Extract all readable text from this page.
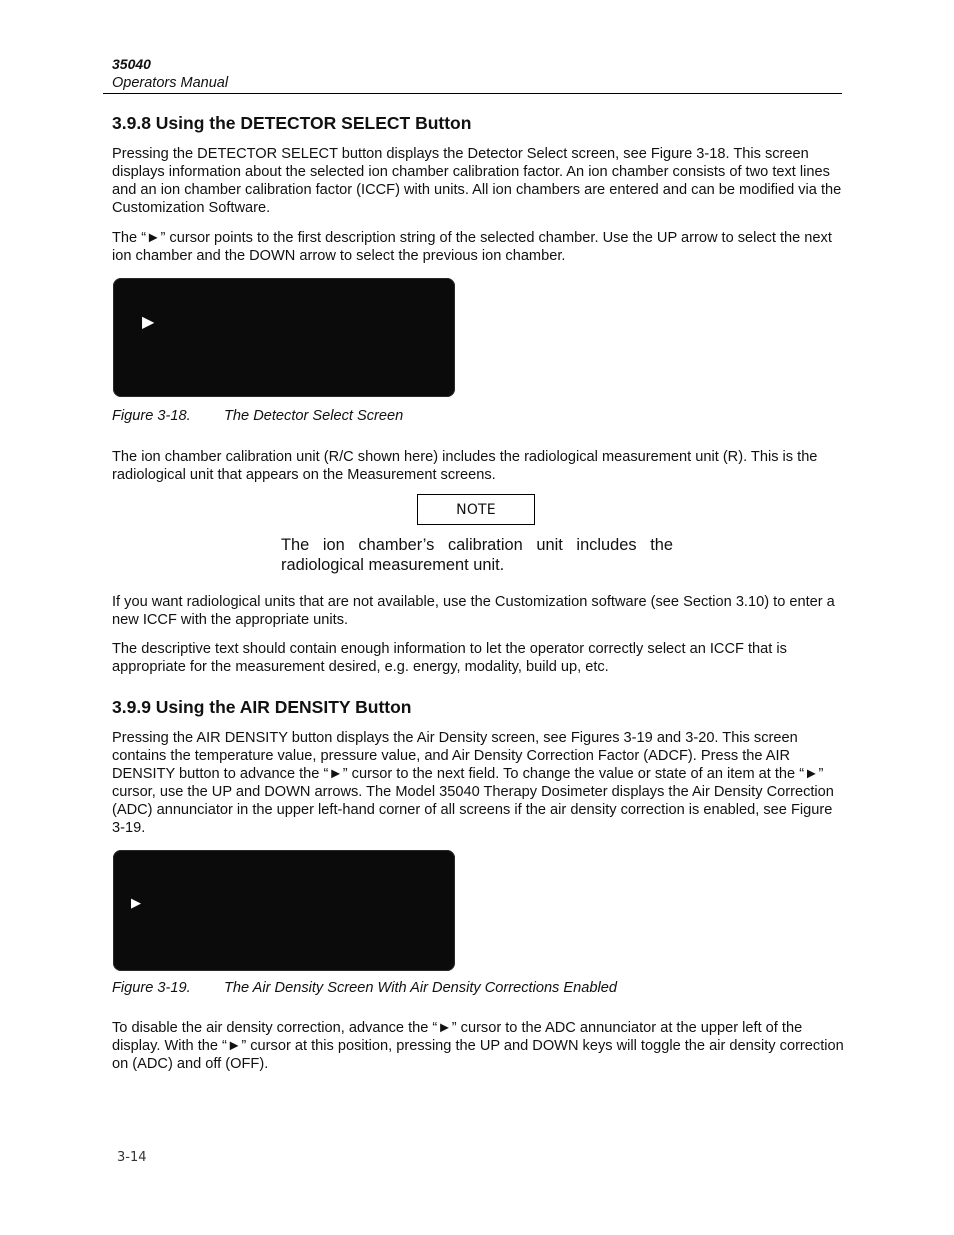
35040
Operators Manual
3.9.8 Using the DETECTOR SELECT Button

Pressing the DETECTOR SELECT button displays the Detector Select screen, see Figure 3-18. This screen displays information about the selected ion chamber calibration factor. An ion chamber consists of two text lines and an ion chamber calibration factor (ICCF) with units. All ion chambers are entered and can be modified via the Customization Software.

The “►” cursor points to the first description string of the selected chamber. Use the UP arrow to select the next ion chamber and the DOWN arrow to select the previous ion chamber.

▶
Figure 3-18. The Detector Select Screen

The ion chamber calibration unit (R/C shown here) includes the radiological measurement unit (R). This is the radiological unit that appears on the Measurement screens.

NOTE

The ion chamber’s calibration unit includes the radiological measurement unit.

If you want radiological units that are not available, use the Customization software (see Section 3.10) to enter a new ICCF with the appropriate units.

The descriptive text should contain enough information to let the operator correctly select an ICCF that is appropriate for the measurement desired, e.g. energy, modality, build up, etc.

3.9.9 Using the AIR DENSITY Button

Pressing the AIR DENSITY button displays the Air Density screen, see Figures 3-19 and 3-20. This screen contains the temperature value, pressure value, and Air Density Correction Factor (ADCF). Press the AIR DENSITY button to advance the “►” cursor to the next field. To change the value or state of an item at the “►” cursor, use the UP and DOWN arrows. The Model 35040 Therapy Dosimeter displays the Air Density Correction (ADC) annunciator in the upper left-hand corner of all screens if the air density correction is enabled, see Figure 3-19.

▶
Figure 3-19. The Air Density Screen With Air Density Corrections Enabled

To disable the air density correction, advance the “►” cursor to the ADC annunciator at the upper left of the display. With the “►” cursor at this position, pressing the UP and DOWN keys will toggle the air density correction on (ADC) and off (OFF).

3-14
